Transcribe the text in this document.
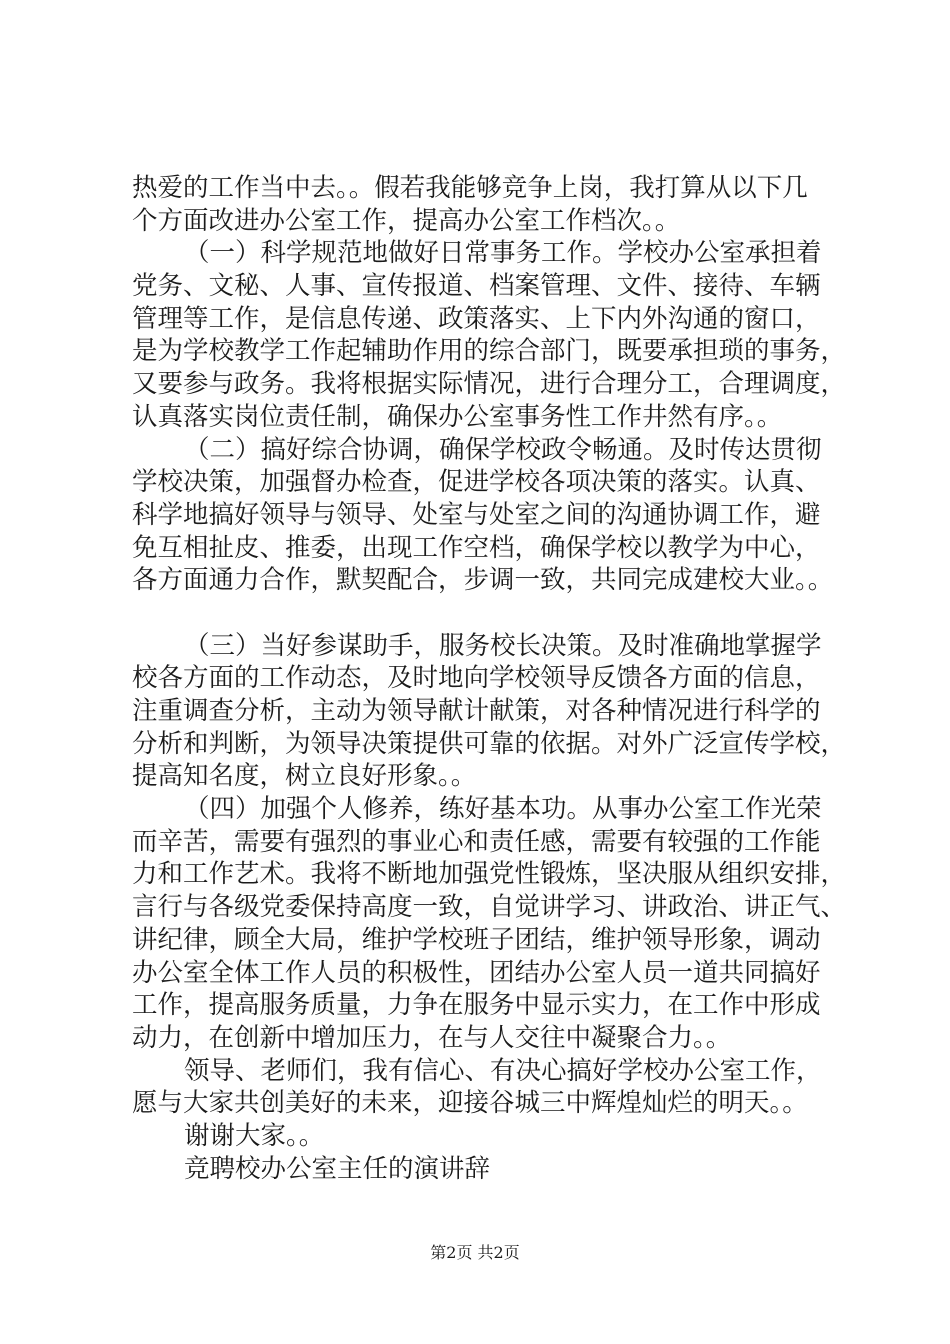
热爱的工作当中去。。假若我能够竞争上岗，我打算从以下几
个方面改进办公室工作，提高办公室工作档次。。
（一）科学规范地做好日常事务工作。学校办公室承担着
党务、文秘、人事、宣传报道、档案管理、文件、接待、车辆
管理等工作，是信息传递、政策落实、上下内外沟通的窗口，
是为学校教学工作起辅助作用的综合部门，既要承担琐的事务，
又要参与政务。我将根据实际情况，进行合理分工，合理调度，
认真落实岗位责任制，确保办公室事务性工作井然有序。。
（二）搞好综合协调，确保学校政令畅通。及时传达贯彻
学校决策，加强督办检查，促进学校各项决策的落实。认真、
科学地搞好领导与领导、处室与处室之间的沟通协调工作，避
免互相扯皮、推委，出现工作空档，确保学校以教学为中心，
各方面通力合作，默契配合，步调一致，共同完成建校大业。。
（三）当好参谋助手，服务校长决策。及时准确地掌握学
校各方面的工作动态，及时地向学校领导反馈各方面的信息，
注重调查分析，主动为领导献计献策，对各种情况进行科学的
分析和判断，为领导决策提供可靠的依据。对外广泛宣传学校，
提高知名度，树立良好形象。。
（四）加强个人修养，练好基本功。从事办公室工作光荣
而辛苦，需要有强烈的事业心和责任感，需要有较强的工作能
力和工作艺术。我将不断地加强党性锻炼，坚决服从组织安排，
言行与各级党委保持高度一致，自觉讲学习、讲政治、讲正气、
讲纪律，顾全大局，维护学校班子团结，维护领导形象，调动
办公室全体工作人员的积极性，团结办公室人员一道共同搞好
工作，提高服务质量，力争在服务中显示实力，在工作中形成
动力，在创新中增加压力，在与人交往中凝聚合力。。
领导、老师们，我有信心、有决心搞好学校办公室工作，
愿与大家共创美好的未来，迎接谷城三中辉煌灿烂的明天。。
谢谢大家。。
竞聘校办公室主任的演讲辞
第2页 共2页
